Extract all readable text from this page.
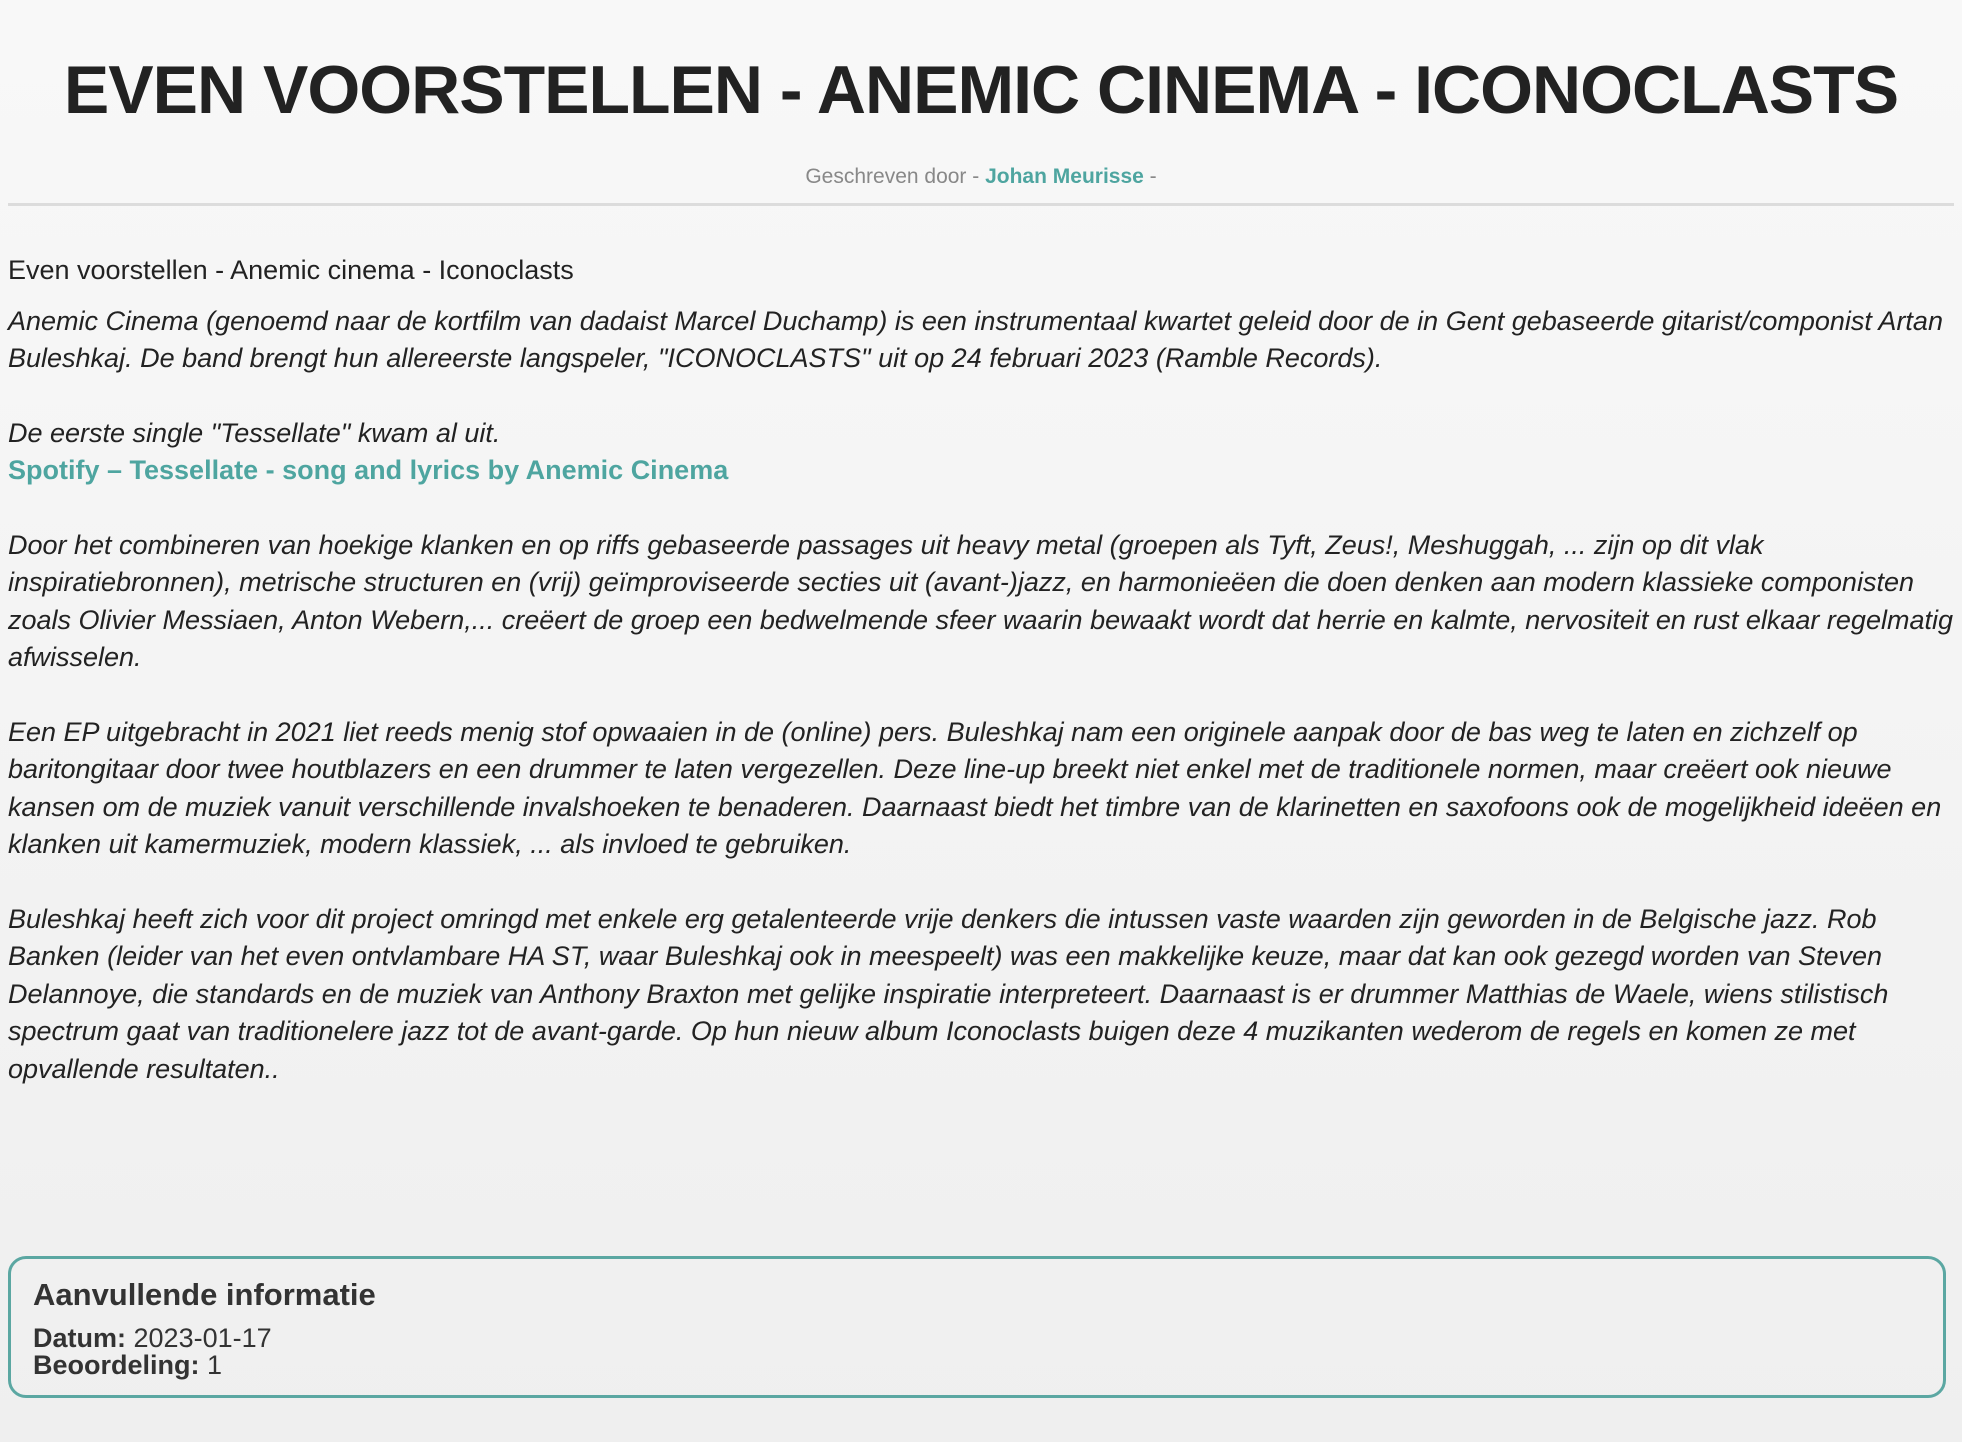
EVEN VOORSTELLEN - ANEMIC CINEMA - ICONOCLASTS
Geschreven door - Johan Meurisse -

Even voorstellen - Anemic cinema - Iconoclasts

Anemic Cinema (genoemd naar de kortfilm van dadaist Marcel Duchamp) is een instrumentaal kwartet geleid door de in Gent gebaseerde gitarist/componist Artan Buleshkaj. De band brengt hun allereerste langspeler, "ICONOCLASTS" uit op 24 februari 2023 (Ramble Records).

De eerste single "Tessellate" kwam al uit.

Spotify – Tessellate - song and lyrics by Anemic Cinema

Door het combineren van hoekige klanken en op riffs gebaseerde passages uit heavy metal (groepen als Tyft, Zeus!, Meshuggah, ... zijn op dit vlak inspiratiebronnen), metrische structuren en (vrij) geïmproviseerde secties uit (avant-)jazz, en harmonieëen die doen denken aan modern klassieke componisten zoals Olivier Messiaen, Anton Webern,... creëert de groep een bedwelmende sfeer waarin bewaakt wordt dat herrie en kalmte, nervositeit en rust elkaar regelmatig afwisselen.

Een EP uitgebracht in 2021 liet reeds menig stof opwaaien in de (online) pers. Buleshkaj nam een originele aanpak door de bas weg te laten en zichzelf op baritongitaar door twee houtblazers en een drummer te laten vergezellen. Deze line-up breekt niet enkel met de traditionele normen, maar creëert ook nieuwe kansen om de muziek vanuit verschillende invalshoeken te benaderen. Daarnaast biedt het timbre van de klarinetten en saxofoons ook de mogelijkheid ideëen en klanken uit kamermuziek, modern klassiek, ... als invloed te gebruiken.

Buleshkaj heeft zich voor dit project omringd met enkele erg getalenteerde vrije denkers die intussen vaste waarden zijn geworden in de Belgische jazz. Rob Banken (leider van het even ontvlambare HA ST, waar Buleshkaj ook in meespeelt) was een makkelijke keuze, maar dat kan ook gezegd worden van Steven Delannoye, die standards en de muziek van Anthony Braxton met gelijke inspiratie interpreteert. Daarnaast is er drummer Matthias de Waele, wiens stilistisch spectrum gaat van traditionelere jazz tot de avant-garde. Op hun nieuw album Iconoclasts buigen deze 4 muzikanten wederom de regels en komen ze met opvallende resultaten..

Aanvullende informatie
Datum: 2023-01-17
Beoordeling: 1
